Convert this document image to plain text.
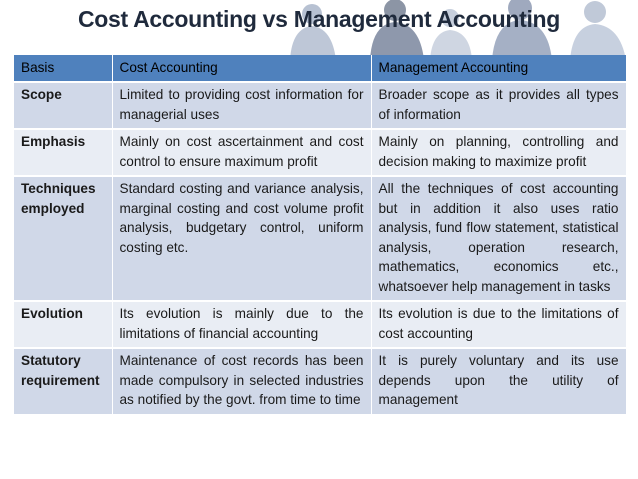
Cost Accounting vs Management Accounting
Basis	Cost Accounting	Management Accounting
Scope	Limited to providing cost information for managerial uses	Broader scope as it provides all types of information
Emphasis	Mainly on cost ascertainment and cost control to ensure maximum profit	Mainly on planning, controlling and decision making to maximize profit
Techniques employed	Standard costing and variance analysis, marginal costing and cost volume profit analysis, budgetary control, uniform costing etc.	All the techniques of cost accounting but in addition it also uses ratio analysis, fund flow statement, statistical analysis, operation research, mathematics, economics etc., whatsoever help management in tasks
Evolution	Its evolution is mainly due to the limitations of financial accounting	Its evolution is due to the limitations of cost accounting
Statutory requirement	Maintenance of cost records has been made compulsory in selected industries as notified by the govt. from time to time	It is purely voluntary and its use depends upon the utility of management
